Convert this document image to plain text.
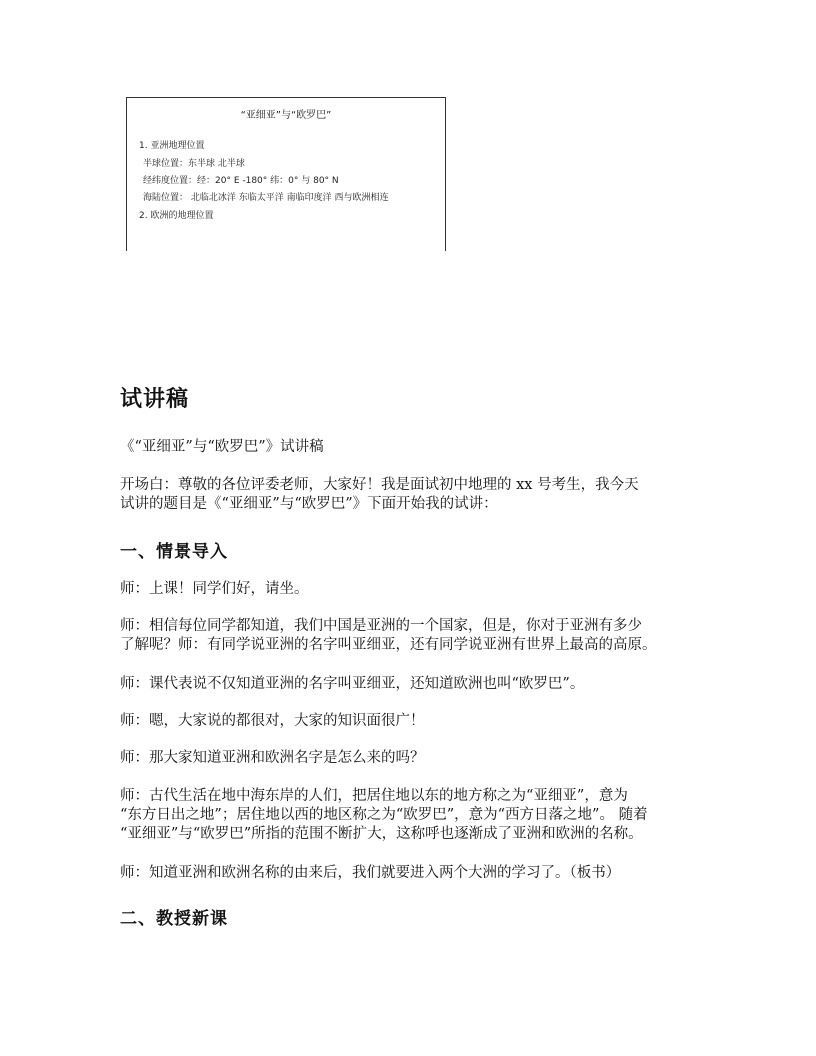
“亚细亚”与“欧罗巴”
1. 亚洲地理位置
半球位置：东半球 北半球
经纬度位置：经：20° E -180° 纬：0° 与 80° N
海陆位置： 北临北冰洋 东临太平洋 南临印度洋 西与欧洲相连
2. 欧洲的地理位置
试讲稿

《“亚细亚”与“欧罗巴”》试讲稿

开场白：尊敬的各位评委老师，大家好！我是面试初中地理的 xx 号考生，我今天
试讲的题目是《“亚细亚”与“欧罗巴”》下面开始我的试讲：

一、情景导入

师：上课！同学们好，请坐。

师：相信每位同学都知道，我们中国是亚洲的一个国家，但是，你对于亚洲有多少
了解呢？师：有同学说亚洲的名字叫亚细亚，还有同学说亚洲有世界上最高的高原。

师：课代表说不仅知道亚洲的名字叫亚细亚，还知道欧洲也叫“欧罗巴”。

师：嗯，大家说的都很对，大家的知识面很广！

师：那大家知道亚洲和欧洲名字是怎么来的吗？

师：古代生活在地中海东岸的人们，把居住地以东的地方称之为“亚细亚”，意为
“东方日出之地”；居住地以西的地区称之为“欧罗巴”，意为“西方日落之地”。 随着
“亚细亚”与“欧罗巴”所指的范围不断扩大，这称呼也逐渐成了亚洲和欧洲的名称。

师：知道亚洲和欧洲名称的由来后，我们就要进入两个大洲的学习了。（板书）

二、教授新课
